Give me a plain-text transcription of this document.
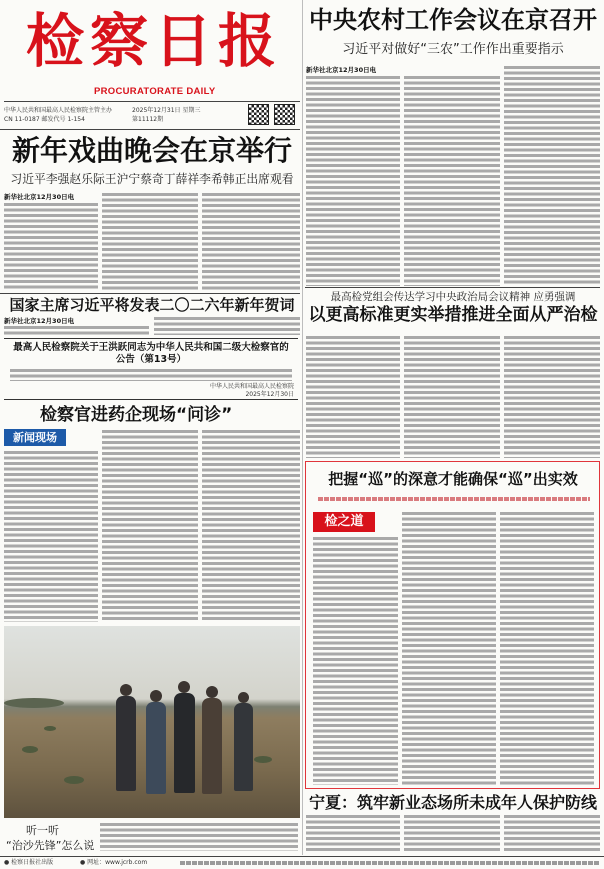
检察日报
PROCURATORATE DAILY
中华人民共和国最高人民检察院主管主办
CN 11-0187 邮发代号 1-154
2025年12月31日 星期三
第11112期
中央农村工作会议在京召开
习近平对做好“三农”工作作出重要指示
新华社北京12月30日电
新年戏曲晚会在京举行
习近平李强赵乐际王沪宁蔡奇丁薛祥李希韩正出席观看
新华社北京12月30日电
国家主席习近平将发表二〇二六年新年贺词
新华社北京12月30日电
最高人民检察院关于王洪跃同志为中华人民共和国二级大检察官的公告（第13号）
中华人民共和国最高人民检察院
2025年12月30日
检察官进药企现场“问诊”
新闻现场
听一听
“治沙先锋”怎么说
最高检党组会传达学习中央政治局会议精神 应勇强调
以更高标准更实举措推进全面从严治检
把握“巡”的深意才能确保“巡”出实效
检之道
宁夏：筑牢新业态场所未成年人保护防线
● 检察日报社出版	● 网址：www.jcrb.com
